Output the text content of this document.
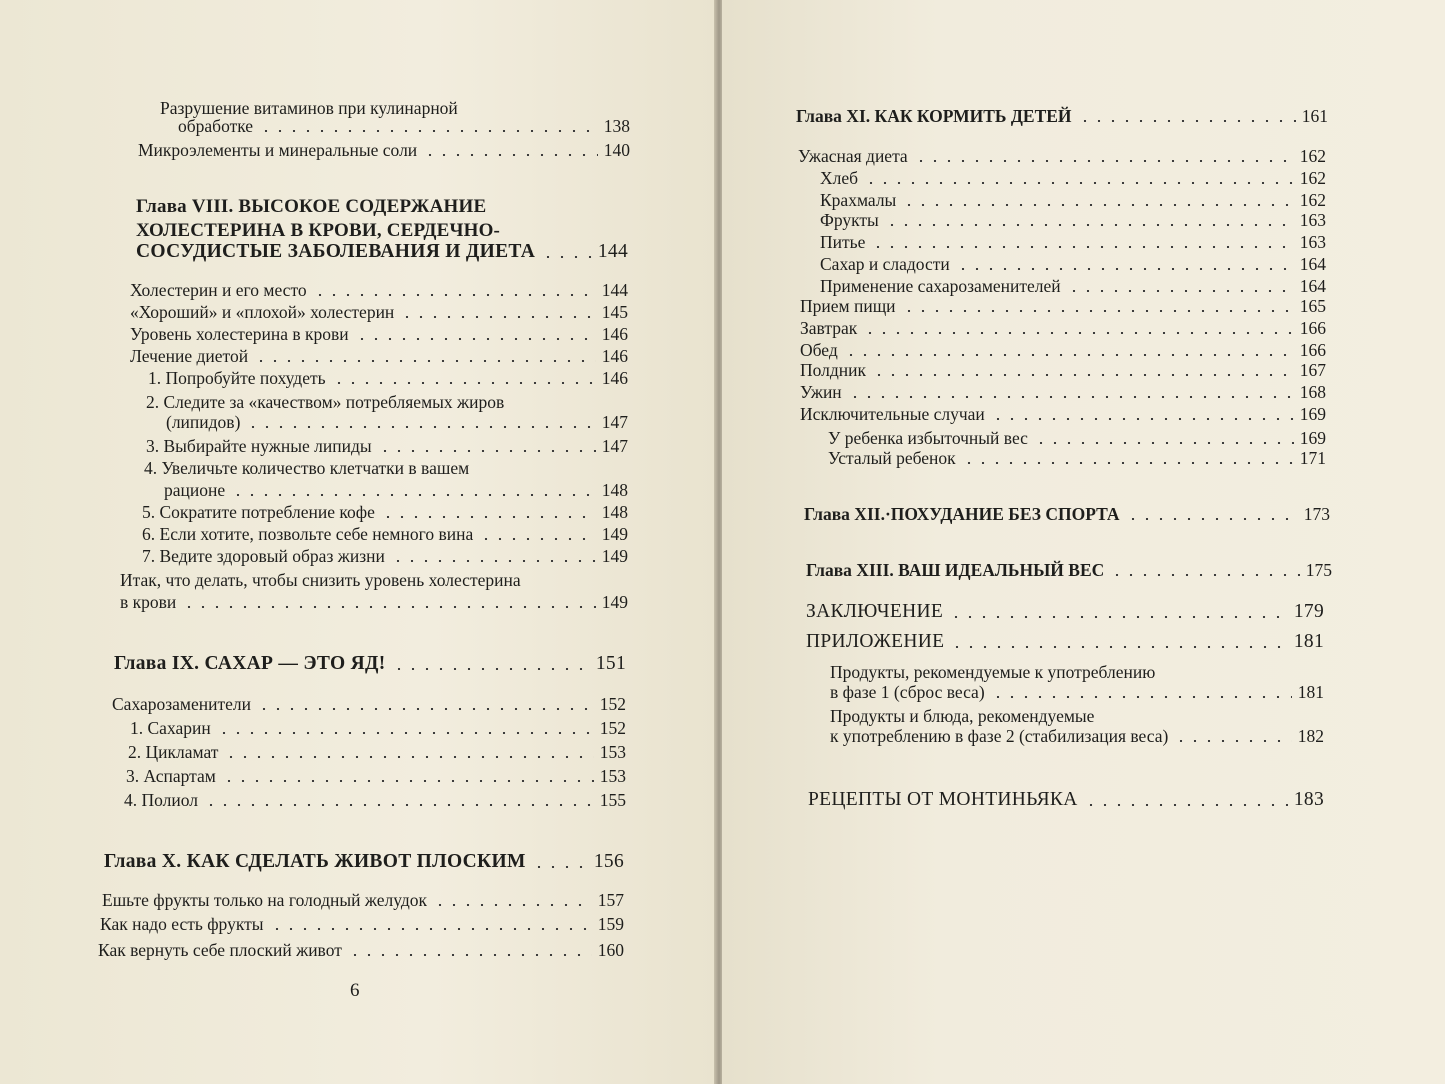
Разрушение витаминов при кулинарной
обработке	138
Микроэлементы и минеральные соли	140
Глава VIII. ВЫСОКОЕ СОДЕРЖАНИЕ
ХОЛЕСТЕРИНА В КРОВИ, СЕРДЕЧНО-
СОСУДИСТЫЕ ЗАБОЛЕВАНИЯ И ДИЕТА	144
Холестерин и его место	144
«Хороший» и «плохой» холестерин	145
Уровень холестерина в крови	146
Лечение диетой	146
1. Попробуйте похудеть	146
2. Следите за «качеством» потребляемых жиров
(липидов)	147
3. Выбирайте нужные липиды	147
4. Увеличьте количество клетчатки в вашем
рационе	148
5. Сократите потребление кофе	148
6. Если хотите, позвольте себе немного вина	149
7. Ведите здоровый образ жизни	149
Итак, что делать, чтобы снизить уровень холестерина
в крови	149
Глава IX. САХАР — ЭТО ЯД!	151
Сахарозаменители	152
1. Сахарин	152
2. Цикламат	153
3. Аспартам	153
4. Полиол	155
Глава X. КАК СДЕЛАТЬ ЖИВОТ ПЛОСКИМ	156
Ешьте фрукты только на голодный желудок	157
Как надо есть фрукты	159
Как вернуть себе плоский живот	160
6
Глава XI. КАК КОРМИТЬ ДЕТЕЙ	161
Ужасная диета	162
Хлеб	162
Крахмалы	162
Фрукты	163
Питье	163
Сахар и сладости	164
Применение сахарозаменителей	164
Прием пищи	165
Завтрак	166
Обед	166
Полдник	167
Ужин	168
Исключительные случаи	169
У ребенка избыточный вес	169
Усталый ребенок	171
Глава XII.·ПОХУДАНИЕ БЕЗ СПОРТА	173
Глава XIII. ВАШ ИДЕАЛЬНЫЙ ВЕС	175
ЗАКЛЮЧЕНИЕ	179
ПРИЛОЖЕНИЕ	181
Продукты, рекомендуемые к употреблению
в фазе 1 (сброс веса)	181
Продукты и блюда, рекомендуемые
к употреблению в фазе 2 (стабилизация веса)	182
РЕЦЕПТЫ ОТ МОНТИНЬЯКА	183
